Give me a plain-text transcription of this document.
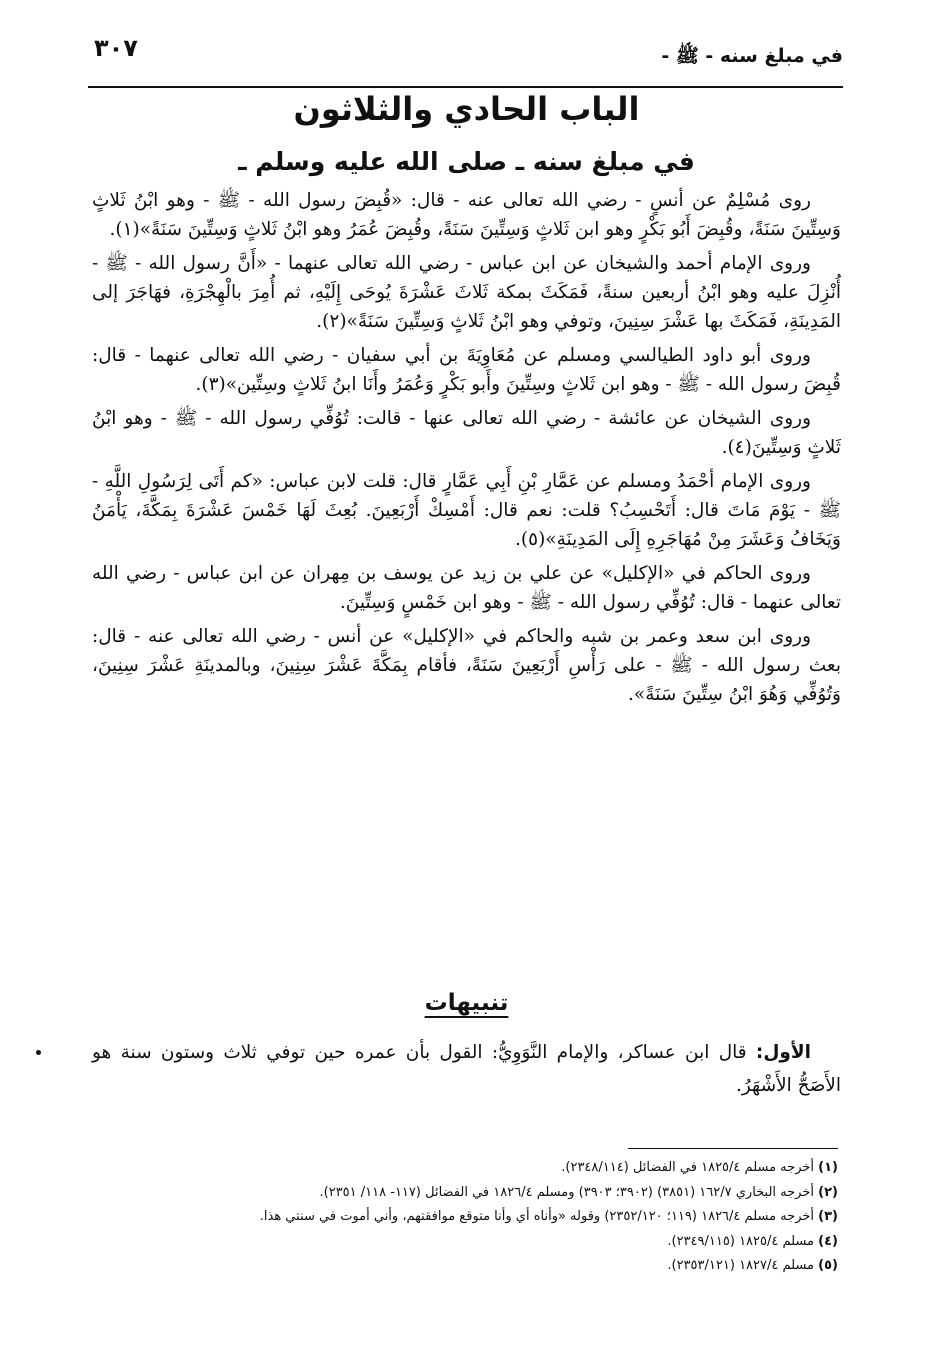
٣٠٧	في مبلغ سنه - ﷺ -
الباب الحادي والثلاثون
في مبلغ سنه ـ صلى الله عليه وسلم ـ

روى مُسْلِمٌ عن أنسٍ - رضي الله تعالى عنه - قال: «قُبِضَ رسول الله - ﷺ - وهو ابْنُ ثَلاثٍ وَسِتِّينَ سَنَةً، وقُبِضَ أَبُو بَكْرٍ وهو ابن ثَلاثٍ وَسِتِّينَ سَنَةً، وقُبِضَ عُمَرُ وهو ابْنُ ثَلاثٍ وَسِتِّينَ سَنَةً»(١).

وروى الإمام أحمد والشيخان عن ابن عباس - رضي الله تعالى عنهما - «أَنَّ رسول الله - ﷺ - أُنْزِلَ عليه وهو ابْنُ أربعين سنةً، فَمَكَثَ بمكة ثَلاثَ عَشْرَةَ يُوحَى إِلَيْهِ، ثم أُمِرَ بالْهِجْرَةِ، فهَاجَرَ إلى المَدِينَةِ، فَمَكَثَ بها عَشْرَ سِنِينَ، وتوفي وهو ابْنُ ثَلاثٍ وَسِتِّينَ سَنَةً»(٢).

وروى أبو داود الطيالسي ومسلم عن مُعَاوِيَةَ بن أبي سفيان - رضي الله تعالى عنهما - قال: قُبِضَ رسول الله - ﷺ - وهو ابن ثَلاثٍ وسِتِّينَ وأَبو بَكْرٍ وَعُمَرُ وأَنَا ابنُ ثَلاثٍ وسِتِّين»(٣).

وروى الشيخان عن عائشة - رضي الله تعالى عنها - قالت: تُوُفِّي رسول الله - ﷺ - وهو ابْنُ ثَلاثٍ وَسِتِّينَ(٤).

وروى الإمام أحْمَدُ ومسلم عن عَمَّارِ بْنِ أَبِي عَمَّارٍ قال: قلت لابن عباس: «كم أَتَى لِرَسُولِ اللَّهِ - ﷺ - يَوْمَ مَاتَ قال: أَتَحْسِبُ؟ قلت: نعم قال: أَمْسِكْ أَرْبَعِينَ. بُعِثَ لَهَا خَمْسَ عَشْرَةَ بِمَكَّةَ، يَأْمَنُ وَيَخَافُ وَعَشَرَ مِنْ مُهَاجَرِهِ إِلَى المَدِينَةِ»(٥).

وروى الحاكم في «الإكليل» عن علي بن زيد عن يوسف بن مِهران عن ابن عباس - رضي الله تعالى عنهما - قال: تُوُفِّي رسول الله - ﷺ - وهو ابن خَمْسٍ وَسِتِّينَ.

وروى ابن سعد وعمر بن شبه والحاكم في «الإكليل» عن أنس - رضي الله تعالى عنه - قال: بعث رسول الله - ﷺ - على رَأْسِ أَرْبَعِينَ سَنَةً، فأقام بِمَكَّةَ عَشْرَ سِنِينَ، وبالمدينَةِ عَشْرَ سِنِينَ، وَتُوُفِّي وَهُوَ ابْنُ سِتِّينَ سَنَةً».

تنبيهات

الأول: قال ابن عساكر، والإمام النَّوَوِيُّ: القول بأن عمره حين توفي ثلاث وستون سنة هو الأَصَحُّ الأَشْهَرُ.

(١) أخرجه مسلم ١٨٢٥/٤ في الفضائل (٢٣٤٨/١١٤).

(٢) أخرجه البخاري ١٦٢/٧ (٣٨٥١) (٣٩٠٢؛ ٣٩٠٣) ومسلم ١٨٢٦/٤ في الفضائل (١١٧- ١١٨/ ٢٣٥١).

(٣) أخرجه مسلم ١٨٢٦/٤ (١١٩؛ ٢٣٥٢/١٢٠) وقوله «وأناه أي وأنا متوقع موافقتهم، وأني أموت في سنتي هذا.

(٤) مسلم ١٨٢٥/٤ (٢٣٤٩/١١٥).

(٥) مسلم ١٨٢٧/٤ (٢٣٥٣/١٢١).
